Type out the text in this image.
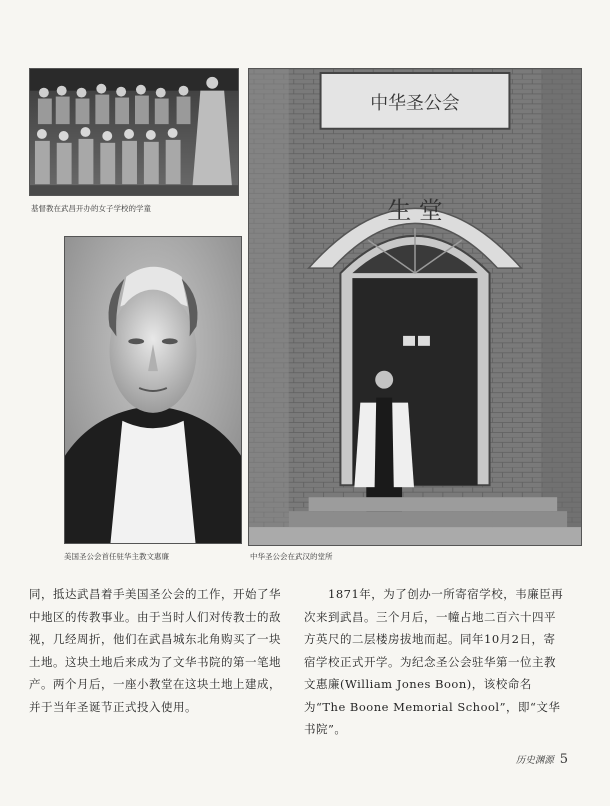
基督教在武昌开办的女子学校的学童
美国圣公会首任驻华主教文惠廉
中华圣公会
生 堂
中华圣公会在武汉的堂所

同，抵达武昌着手美国圣公会的工作，开始了华中地区的传教事业。由于当时人们对传教士的敌视，几经周折，他们在武昌城东北角购买了一块土地。这块土地后来成为了文华书院的第一笔地产。两个月后，一座小教堂在这块土地上建成，并于当年圣诞节正式投入使用。

1871年，为了创办一所寄宿学校，韦廉臣再次来到武昌。三个月后，一幢占地二百六十四平方英尺的二层楼房拔地而起。同年10月2日，寄宿学校正式开学。为纪念圣公会驻华第一位主教文惠廉(William Jones Boon)，该校命名为“The Boone Memorial School”，即“文华书院”。

历史渊源 5
